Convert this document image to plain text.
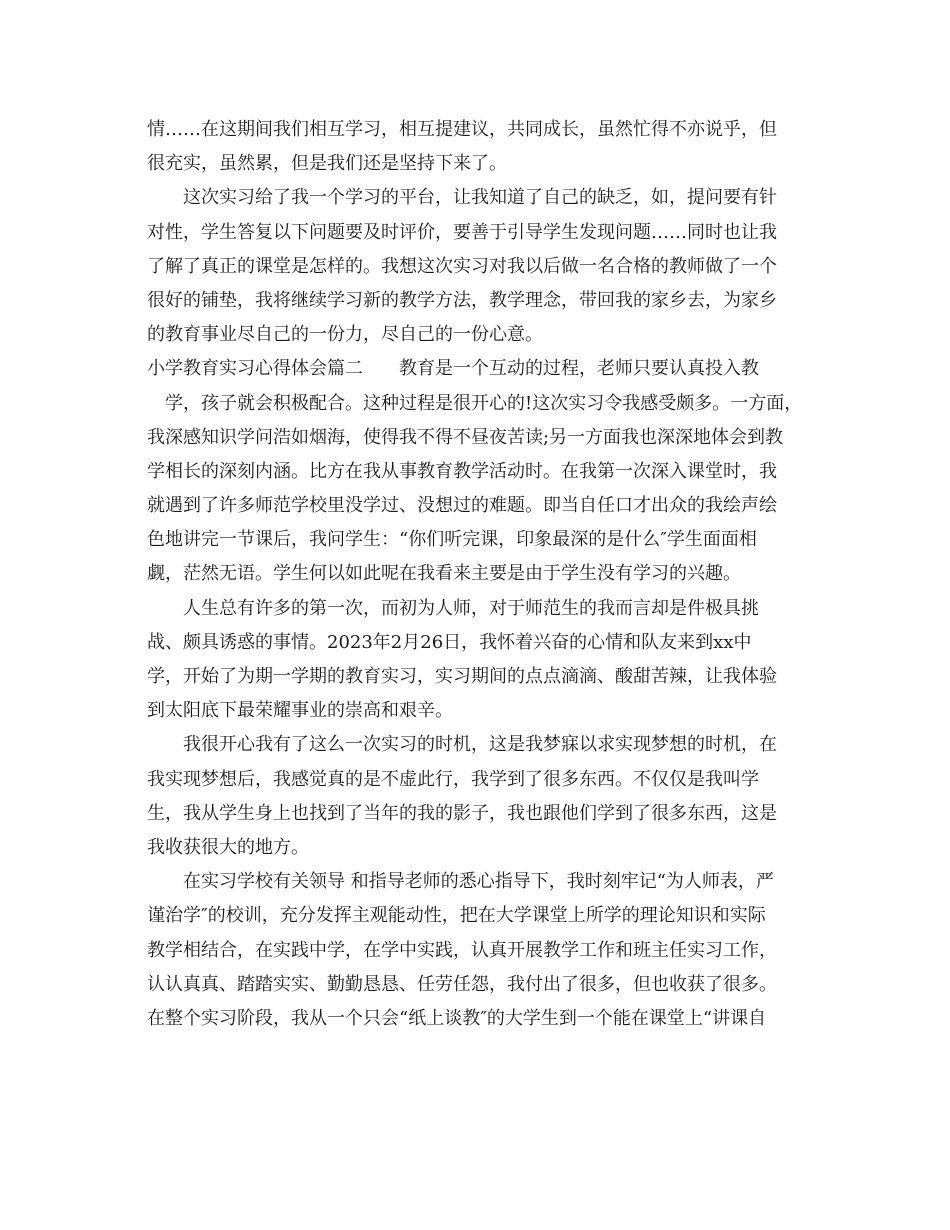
情……在这期间我们相互学习，相互提建议，共同成长，虽然忙得不亦说乎，但
很充实，虽然累，但是我们还是坚持下来了。
这次实习给了我一个学习的平台，让我知道了自己的缺乏，如，提问要有针
对性，学生答复以下问题要及时评价，要善于引导学生发现问题……同时也让我
了解了真正的课堂是怎样的。我想这次实习对我以后做一名合格的教师做了一个
很好的铺垫，我将继续学习新的教学方法，教学理念，带回我的家乡去，为家乡
的教育事业尽自己的一份力，尽自己的一份心意。
小学教育实习心得体会篇二 教育是一个互动的过程，老师只要认真投入教
学，孩子就会积极配合。这种过程是很开心的!这次实习令我感受颇多。一方面，
我深感知识学问浩如烟海，使得我不得不昼夜苦读;另一方面我也深深地体会到教
学相长的深刻内涵。比方在我从事教育教学活动时。在我第一次深入课堂时，我
就遇到了许多师范学校里没学过、没想过的难题。即当自任口才出众的我绘声绘
色地讲完一节课后，我问学生：“你们听完课，印象最深的是什么″学生面面相
觑，茫然无语。学生何以如此呢在我看来主要是由于学生没有学习的兴趣。
人生总有许多的第一次，而初为人师，对于师范生的我而言却是件极具挑
战、颇具诱惑的事情。2023年2月26日，我怀着兴奋的心情和队友来到xx中
学，开始了为期一学期的教育实习，实习期间的点点滴滴、酸甜苦辣，让我体验
到太阳底下最荣耀事业的崇高和艰辛。
我很开心我有了这么一次实习的时机，这是我梦寐以求实现梦想的时机，在
我实现梦想后，我感觉真的是不虚此行，我学到了很多东西。不仅仅是我叫学
生，我从学生身上也找到了当年的我的影子，我也跟他们学到了很多东西，这是
我收获很大的地方。
在实习学校有关领导 和指导老师的悉心指导下，我时刻牢记“为人师表，严
谨治学″的校训，充分发挥主观能动性，把在大学课堂上所学的理论知识和实际
教学相结合，在实践中学，在学中实践，认真开展教学工作和班主任实习工作，
认认真真、踏踏实实、勤勤恳恳、任劳任怨，我付出了很多，但也收获了很多。
在整个实习阶段，我从一个只会“纸上谈教″的大学生到一个能在课堂上“讲课自
